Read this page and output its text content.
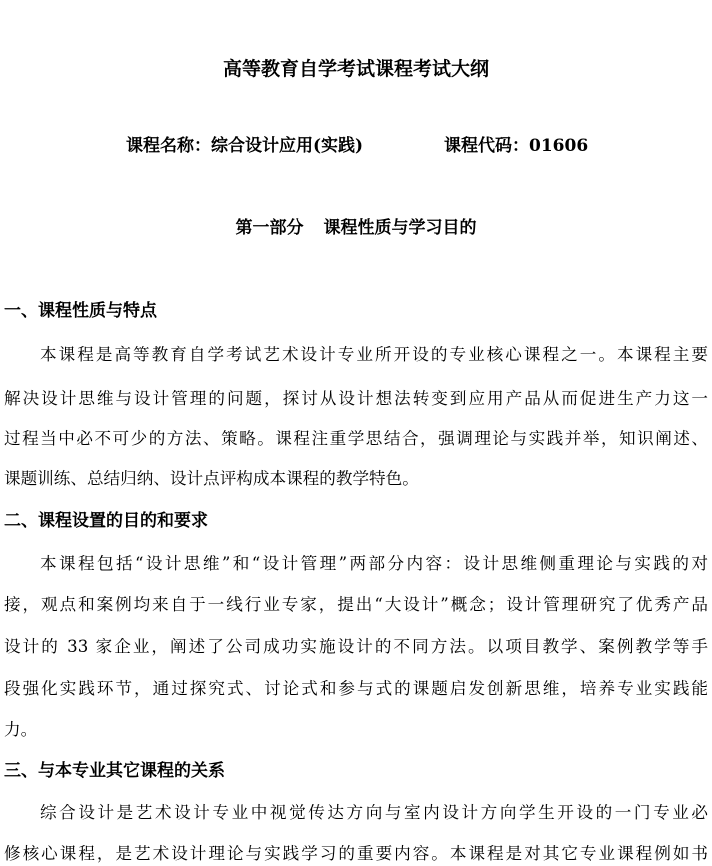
高等教育自学考试课程考试大纲
课程名称：综合设计应用(实践)	课程代码：01606
第一部分 课程性质与学习目的
一、课程性质与特点
本课程是高等教育自学考试艺术设计专业所开设的专业核心课程之一。本课程主要
解决设计思维与设计管理的问题，探讨从设计想法转变到应用产品从而促进生产力这一
过程当中必不可少的方法、策略。课程注重学思结合，强调理论与实践并举，知识阐述、
课题训练、总结归纳、设计点评构成本课程的教学特色。
二、课程设置的目的和要求
本课程包括“设计思维”和“设计管理”两部分内容：设计思维侧重理论与实践的对
接，观点和案例均来自于一线行业专家，提出“大设计”概念；设计管理研究了优秀产品
设计的 33 家企业，阐述了公司成功实施设计的不同方法。以项目教学、案例教学等手
段强化实践环节，通过探究式、讨论式和参与式的课题启发创新思维，培养专业实践能
力。
三、与本专业其它课程的关系
综合设计是艺术设计专业中视觉传达方向与室内设计方向学生开设的一门专业必
修核心课程，是艺术设计理论与实践学习的重要内容。本课程是对其它专业课程例如书
